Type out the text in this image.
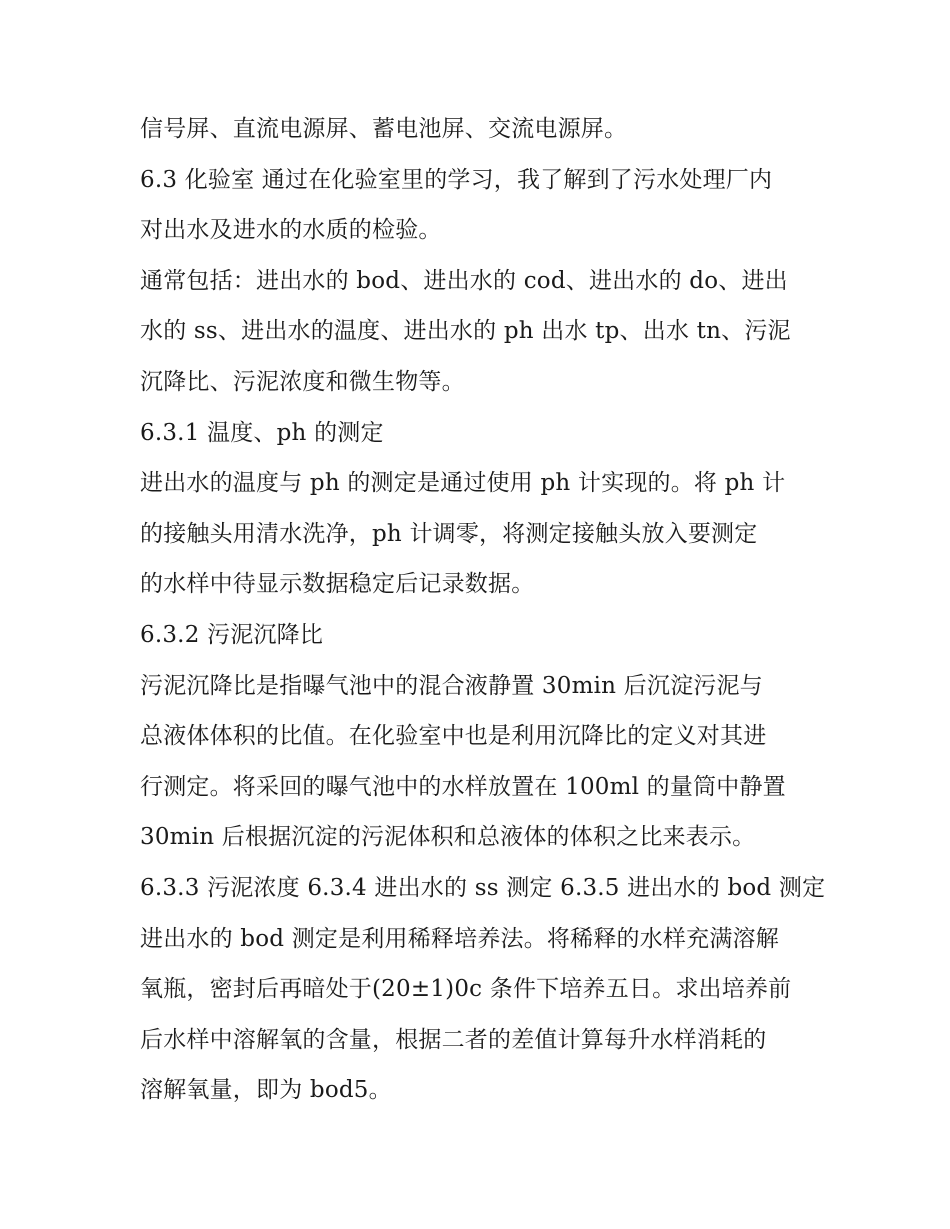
信号屏、直流电源屏、蓄电池屏、交流电源屏。
6.3 化验室 通过在化验室里的学习，我了解到了污水处理厂内
对出水及进水的水质的检验。
通常包括：进出水的 bod、进出水的 cod、进出水的 do、进出
水的 ss、进出水的温度、进出水的 ph 出水 tp、出水 tn、污泥
沉降比、污泥浓度和微生物等。
6.3.1 温度、ph 的测定
进出水的温度与 ph 的测定是通过使用 ph 计实现的。将 ph 计
的接触头用清水洗净，ph 计调零，将测定接触头放入要测定
的水样中待显示数据稳定后记录数据。
6.3.2 污泥沉降比
污泥沉降比是指曝气池中的混合液静置 30min 后沉淀污泥与
总液体体积的比值。在化验室中也是利用沉降比的定义对其进
行测定。将采回的曝气池中的水样放置在 100ml 的量筒中静置
30min 后根据沉淀的污泥体积和总液体的体积之比来表示。
6.3.3 污泥浓度 6.3.4 进出水的 ss 测定 6.3.5 进出水的 bod 测定
进出水的 bod 测定是利用稀释培养法。将稀释的水样充满溶解
氧瓶，密封后再暗处于(20±1)0c 条件下培养五日。求出培养前
后水样中溶解氧的含量，根据二者的差值计算每升水样消耗的
溶解氧量，即为 bod5。
